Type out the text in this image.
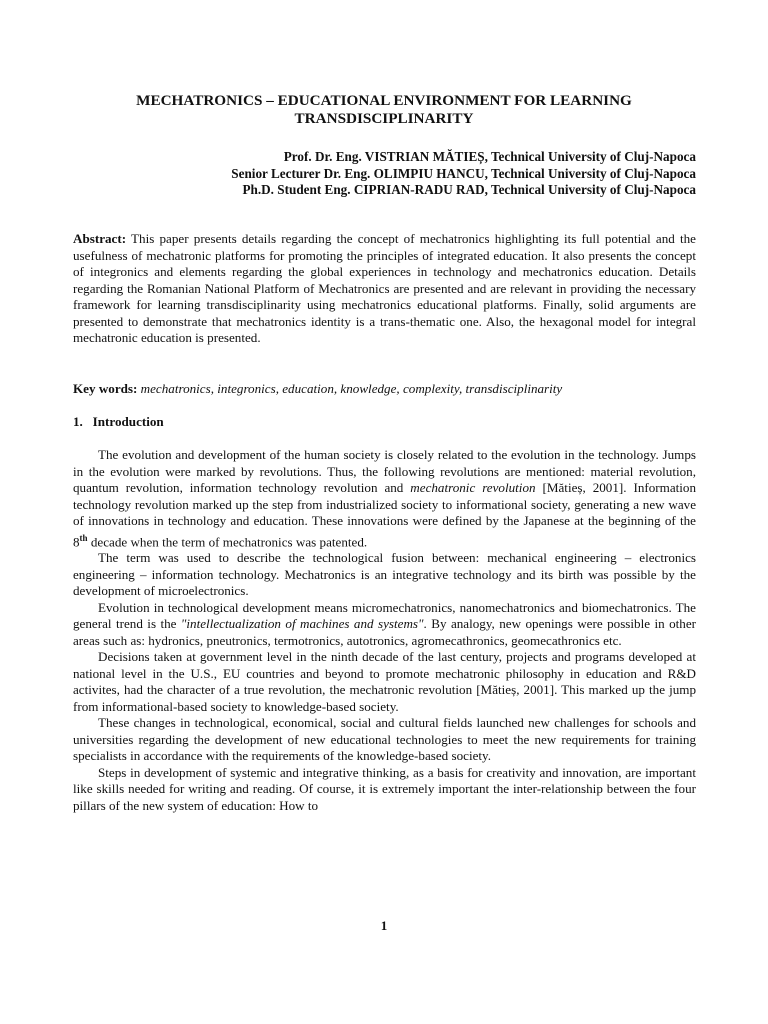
MECHATRONICS – EDUCATIONAL ENVIRONMENT FOR LEARNING
TRANSDISCIPLINARITY
Prof. Dr. Eng. VISTRIAN MĂTIEȘ, Technical University of Cluj-Napoca
Senior Lecturer Dr. Eng. OLIMPIU HANCU, Technical University of Cluj-Napoca
Ph.D. Student Eng. CIPRIAN-RADU RAD, Technical University of Cluj-Napoca

Abstract: This paper presents details regarding the concept of mechatronics highlighting its full potential and the usefulness of mechatronic platforms for promoting the principles of integrated education. It also presents the concept of integronics and elements regarding the global experiences in technology and mechatronics education. Details regarding the Romanian National Platform of Mechatronics are presented and are relevant in providing the necessary framework for learning transdisciplinarity using mechatronics educational platforms. Finally, solid arguments are presented to demonstrate that mechatronics identity is a trans-thematic one. Also, the hexagonal model for integral mechatronic education is presented.

Key words: mechatronics, integronics, education, knowledge, complexity, transdisciplinarity

1.   Introduction

The evolution and development of the human society is closely related to the evolution in the technology. Jumps in the evolution were marked by revolutions. Thus, the following revolutions are mentioned: material revolution, quantum revolution, information technology revolution and mechatronic revolution [Mătieș, 2001]. Information technology revolution marked up the step from industrialized society to informational society, generating a new wave of innovations in technology and education. These innovations were defined by the Japanese at the beginning of the 8th decade when the term of mechatronics was patented.

The term was used to describe the technological fusion between: mechanical engineering – electronics engineering – information technology. Mechatronics is an integrative technology and its birth was possible by the development of microelectronics.

Evolution in technological development means micromechatronics, nanomechatronics and biomechatronics. The general trend is the "intellectualization of machines and systems". By analogy, new openings were possible in other areas such as: hydronics, pneutronics, termotronics, autotronics, agromecathronics, geomecathronics etc.

Decisions taken at government level in the ninth decade of the last century, projects and programs developed at national level in the U.S., EU countries and beyond to promote mechatronic philosophy in education and R&D activites, had the character of a true revolution, the mechatronic revolution [Mătieș, 2001]. This marked up the jump from informational-based society to knowledge-based society.

These changes in technological, economical, social and cultural fields launched new challenges for schools and universities regarding the development of new educational technologies to meet the new requirements for training specialists in accordance with the requirements of the knowledge-based society.

Steps in development of systemic and integrative thinking, as a basis for creativity and innovation, are important like skills needed for writing and reading. Of course, it is extremely important the inter-relationship between the four pillars of the new system of education: How to

1
